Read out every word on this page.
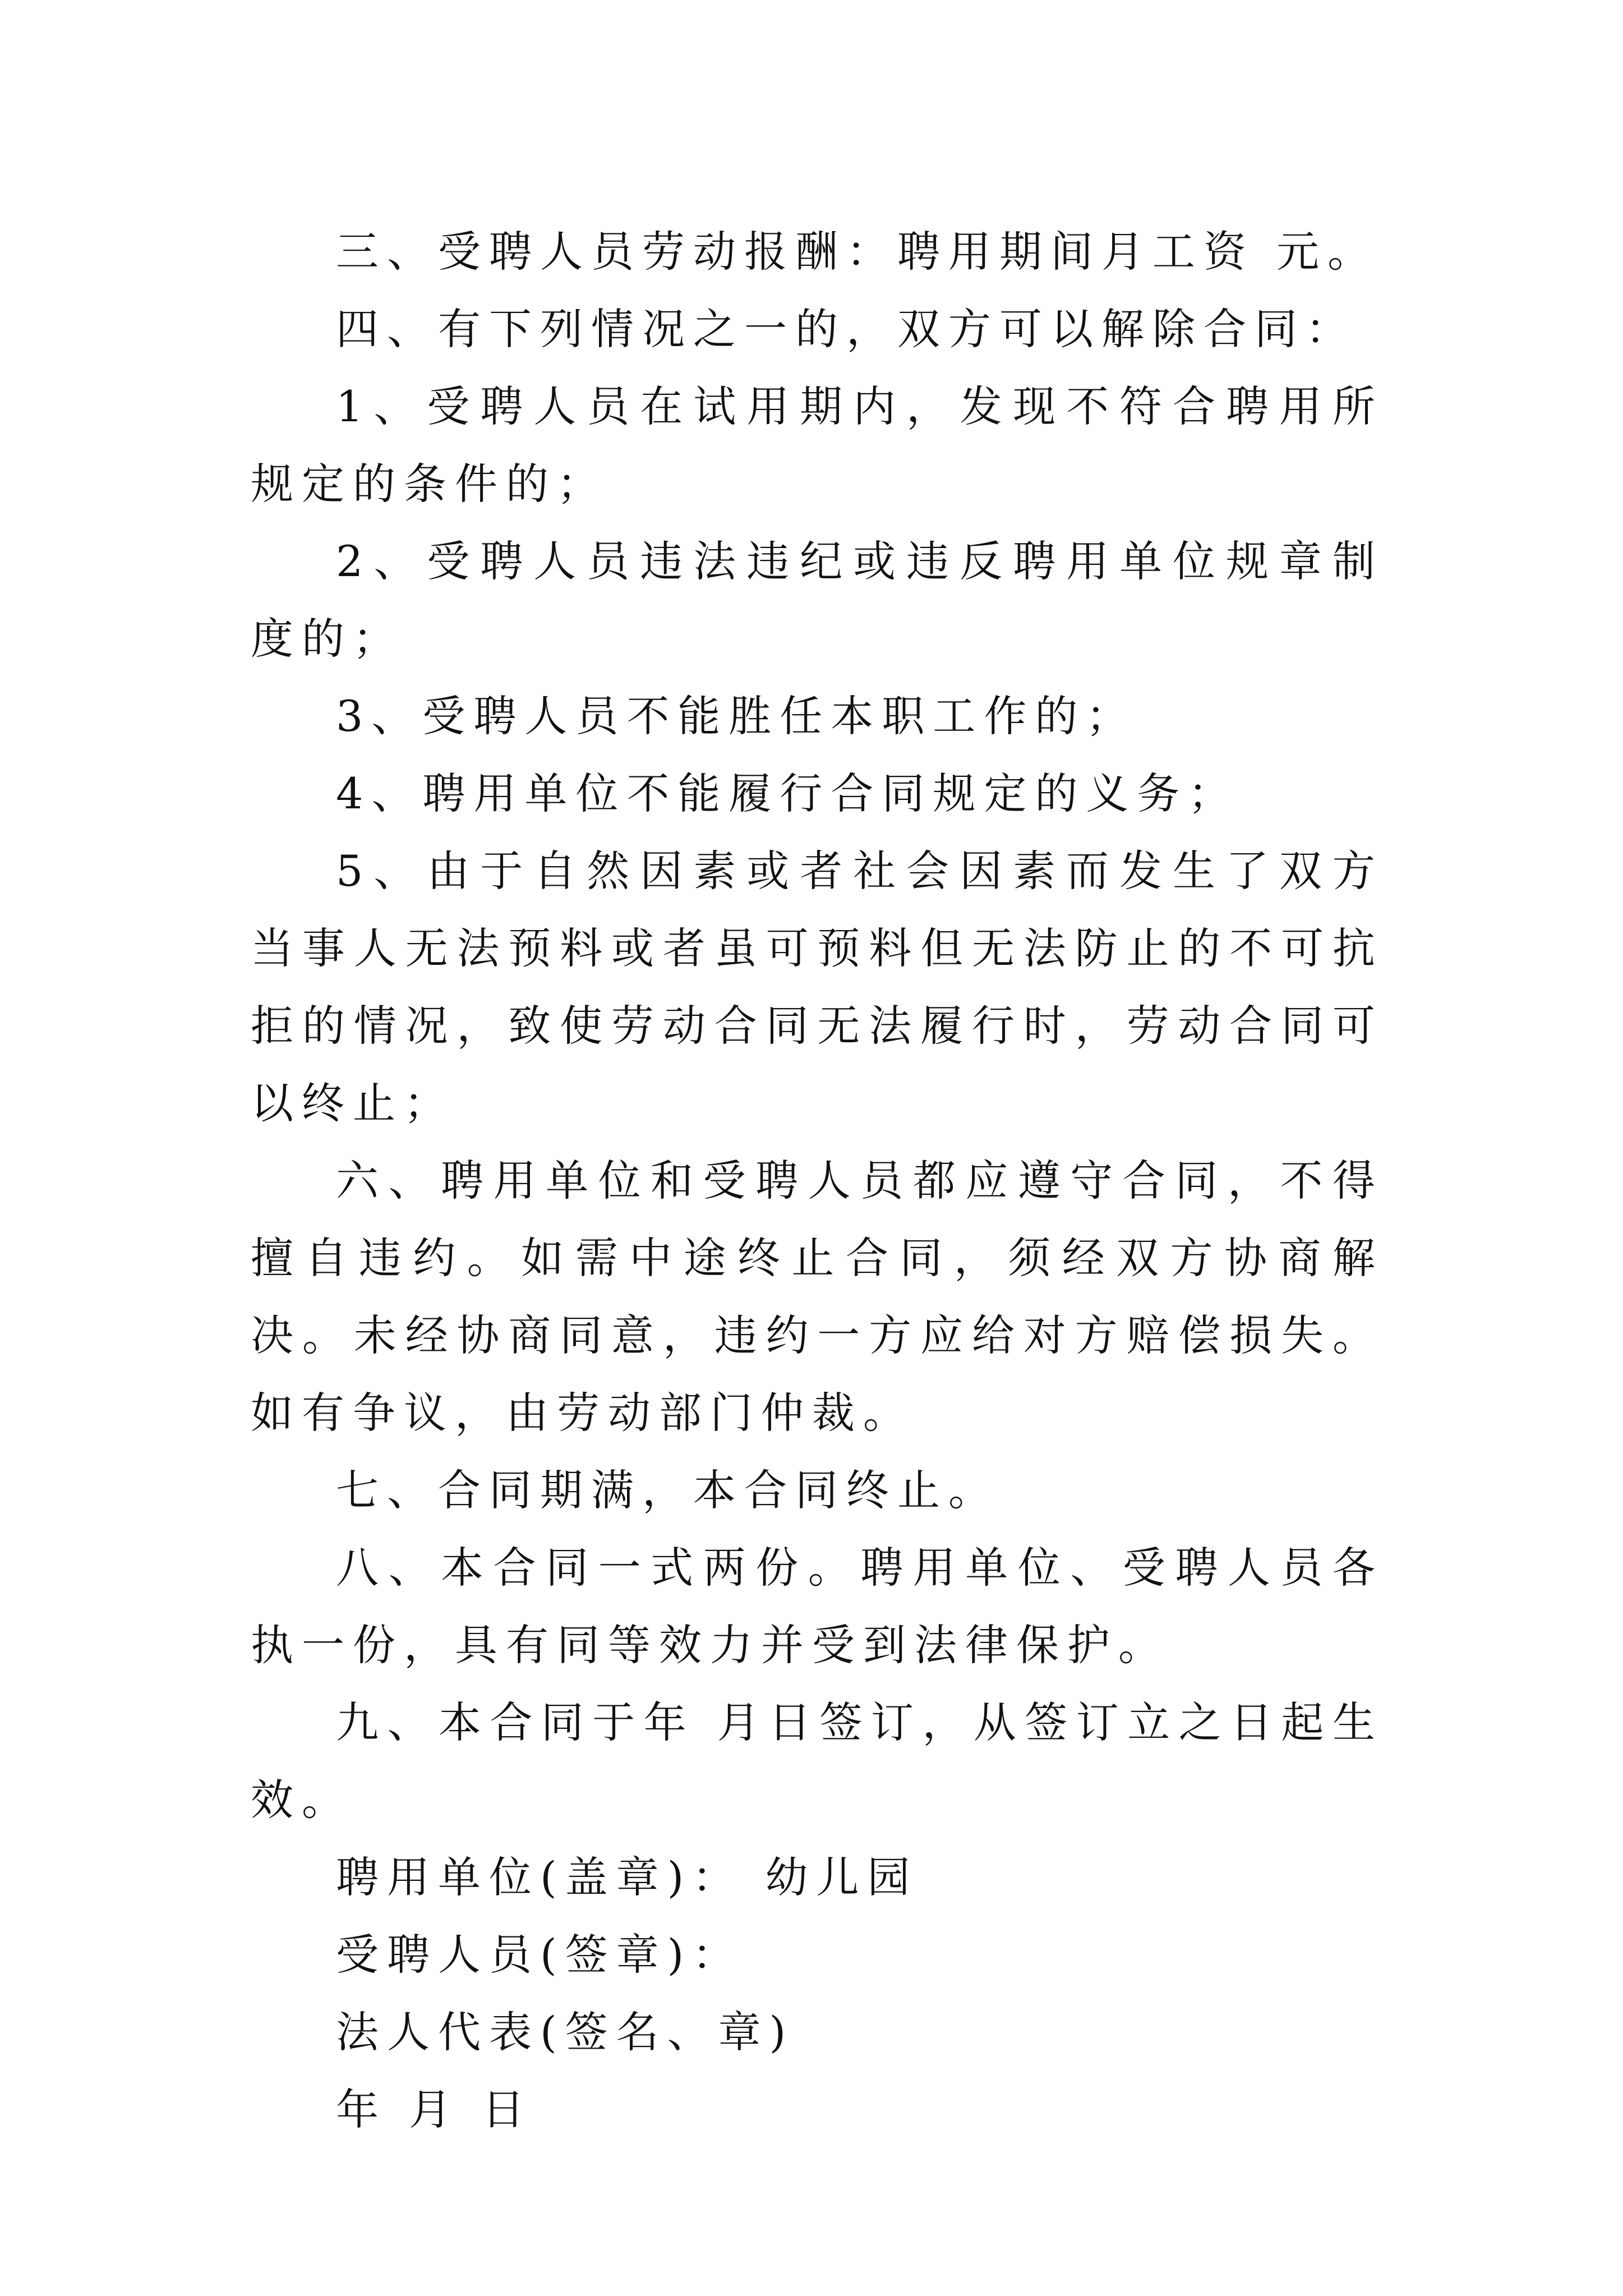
三、受聘人员劳动报酬：聘用期间月工资 元。

四、有下列情况之一的，双方可以解除合同：

1、受聘人员在试用期内，发现不符合聘用所规定的条件的；

2、受聘人员违法违纪或违反聘用单位规章制度的；

3、受聘人员不能胜任本职工作的；

4、聘用单位不能履行合同规定的义务；

5、由于自然因素或者社会因素而发生了双方当事人无法预料或者虽可预料但无法防止的不可抗拒的情况，致使劳动合同无法履行时，劳动合同可以终止；

六、聘用单位和受聘人员都应遵守合同，不得擅自违约。如需中途终止合同，须经双方协商解决。未经协商同意，违约一方应给对方赔偿损失。如有争议，由劳动部门仲裁。

七、合同期满，本合同终止。

八、本合同一式两份。聘用单位、受聘人员各执一份，具有同等效力并受到法律保护。

九、本合同于年 月日签订，从签订立之日起生效。

聘用单位(盖章)： 幼儿园

受聘人员(签章)：

法人代表(签名、章)

年 月 日
